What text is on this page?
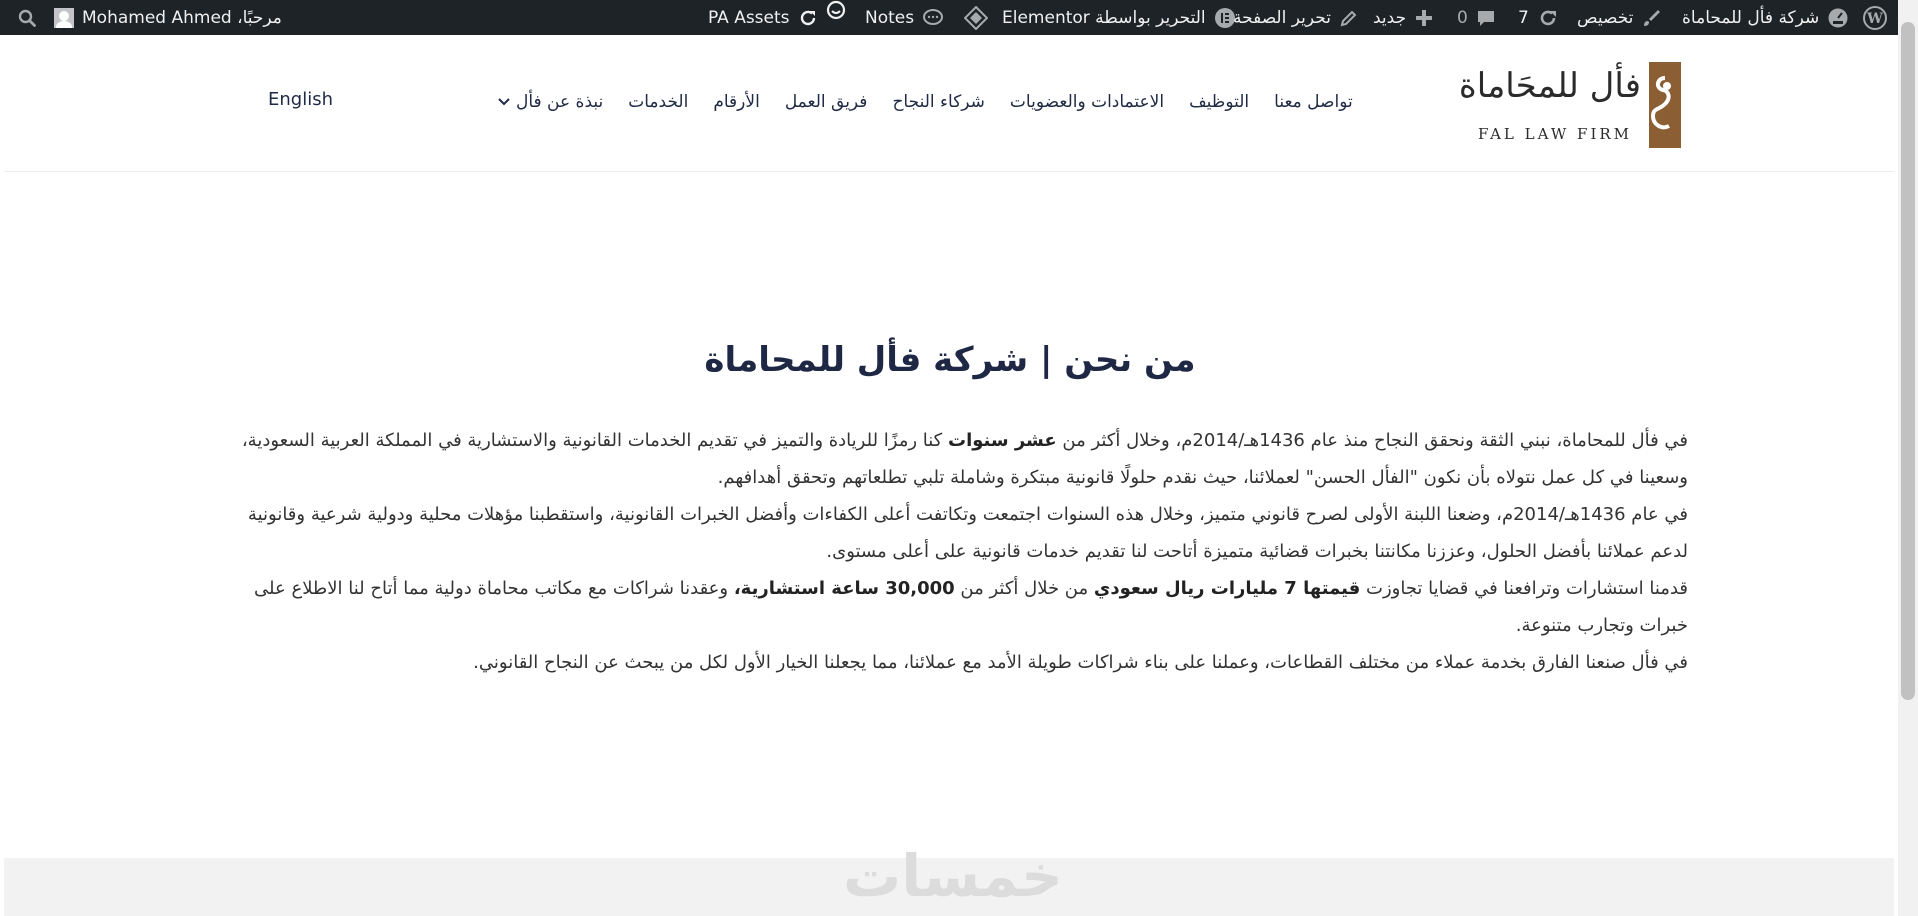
مرحبًا، Mohamed Ahmed	PA Assets	Notes	التحرير بواسطة Elementor تحرير الصفحة جديد	0	7	تخصيص	شركة فأل للمحاماة	W
فأل للمحَاماة
FAL LAW FIRM
نبذة عن فأل الخدمات الأرقام فريق العمل شركاء النجاح الاعتمادات والعضويات التوظيف تواصل معنا
English
من نحن | شركة فأل للمحاماة

في فأل للمحاماة، نبني الثقة ونحقق النجاح منذ عام 1436هـ/2014م، وخلال أكثر من عشر سنوات كنا رمزًا للريادة والتميز في تقديم الخدمات القانونية والاستشارية في المملكة العربية السعودية، وسعينا في كل عمل نتولاه بأن نكون "الفأل الحسن" لعملائنا، حيث نقدم حلولًا قانونية مبتكرة وشاملة تلبي تطلعاتهم وتحقق أهدافهم.

في عام 1436هـ/2014م، وضعنا اللبنة الأولى لصرح قانوني متميز، وخلال هذه السنوات اجتمعت وتكاتفت أعلى الكفاءات وأفضل الخبرات القانونية، واستقطبنا مؤهلات محلية ودولية شرعية وقانونية لدعم عملائنا بأفضل الحلول، وعززنا مكانتنا بخبرات قضائية متميزة أتاحت لنا تقديم خدمات قانونية على أعلى مستوى.

قدمنا استشارات وترافعنا في قضايا تجاوزت قيمتها 7 مليارات ريال سعودي من خلال أكثر من 30,000 ساعة استشارية، وعقدنا شراكات مع مكاتب محاماة دولية مما أتاح لنا الاطلاع على خبرات وتجارب متنوعة.

في فأل صنعنا الفارق بخدمة عملاء من مختلف القطاعات، وعملنا على بناء شراكات طويلة الأمد مع عملائنا، مما يجعلنا الخيار الأول لكل من يبحث عن النجاح القانوني.

خمسات
